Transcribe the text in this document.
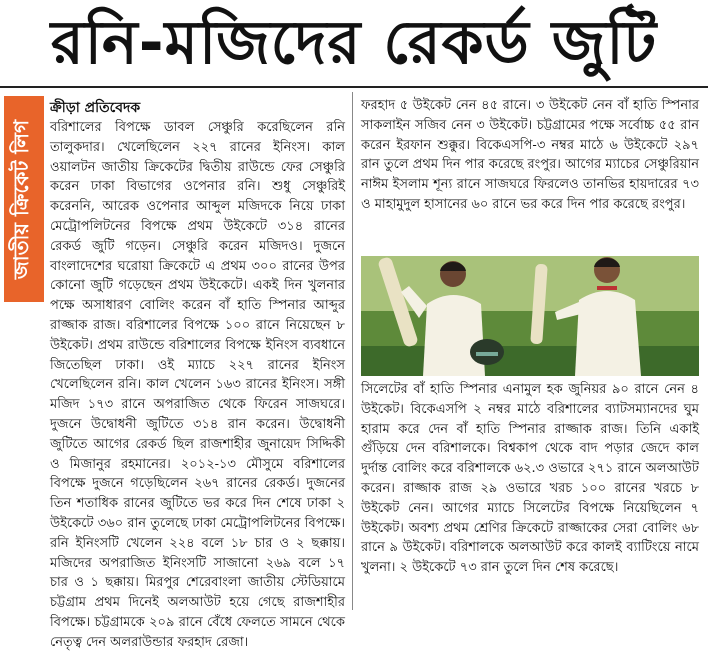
রনি-মজিদের রেকর্ড জুটি
জাতীয় ক্রিকেট লিগ
ক্রীড়া প্রতিবেদক

বরিশালের বিপক্ষে ডাবল সেঞ্চুরি করেছিলেন রনি তালুকদার। খেলেছিলেন ২২৭ রানের ইনিংস। কাল ওয়ালটন জাতীয় ক্রিকেটের দ্বিতীয় রাউন্ডে ফের সেঞ্চুরি করেন ঢাকা বিভাগের ওপেনার রনি। শুধু সেঞ্চুরিই করেননি, আরেক ওপেনার আব্দুল মজিদকে নিয়ে ঢাকা মেট্রোপলিটনের বিপক্ষে প্রথম উইকেটে ৩১৪ রানের রেকর্ড জুটি গড়েন। সেঞ্চুরি করেন মজিদও। দুজনে বাংলাদেশের ঘরোয়া ক্রিকেটে এ প্রথম ৩০০ রানের উপর কোনো জুটি গড়েছেন প্রথম উইকেটে। একই দিন খুলনার পক্ষে অসাধারণ বোলিং করেন বাঁ হাতি স্পিনার আব্দুর রাজ্জাক রাজ। বরিশালের বিপক্ষে ১০০ রানে নিয়েছেন ৮ উইকেট। প্রথম রাউন্ডে বরিশালের বিপক্ষে ইনিংস ব্যবধানে জিতেছিল ঢাকা। ওই ম্যাচে ২২৭ রানের ইনিংস খেলেছিলেন রনি। কাল খেলেন ১৬৩ রানের ইনিংস। সঙ্গী মজিদ ১৭৩ রানে অপরাজিত থেকে ফিরেন সাজঘরে। দুজনে উদ্বোধনী জুটিতে ৩১৪ রান করেন। উদ্বোধনী জুটিতে আগের রেকর্ড ছিল রাজশাহীর জুনায়েদ সিদ্দিকী ও মিজানুর রহমানের। ২০১২-১৩ মৌসুমে বরিশালের বিপক্ষে দুজনে গড়েছিলেন ২৬৭ রানের রেকর্ড। দুজনের তিন শতাধিক রানের জুটিতে ভর করে দিন শেষে ঢাকা ২ উইকেটে ৩৬০ রান তুলেছে ঢাকা মেট্রোপলিটনের বিপক্ষে। রনি ইনিংসটি খেলেন ২২৪ বলে ১৮ চার ও ২ ছক্কায়। মজিদের অপরাজিত ইনিংসটি সাজানো ২৬৯ বলে ১৭ চার ও ১ ছক্কায়। মিরপুর শেরেবাংলা জাতীয় স্টেডিয়ামে চট্টগ্রাম প্রথম দিনেই অলআউট হয়ে গেছে রাজশাহীর বিপক্ষে। চট্টগ্রামকে ২০৯ রানে বেঁধে ফেলতে সামনে থেকে নেতৃত্ব দেন অলরাউন্ডার ফরহাদ রেজা।

ফরহাদ ৫ উইকেট নেন ৪৫ রানে। ৩ উইকেট নেন বাঁ হাতি স্পিনার সাকলাইন সজিব নেন ৩ উইকেট। চট্টগ্রামের পক্ষে সর্বোচ্চ ৫৫ রান করেন ইরফান শুক্কুর। বিকেএসপি-৩ নম্বর মাঠে ৬ উইকেটে ২৯৭ রান তুলে প্রথম দিন পার করেছে রংপুর। আগের ম্যাচের সেঞ্চুরিয়ান নাঈম ইসলাম শূন্য রানে সাজঘরে ফিরলেও তানভির হায়দারের ৭৩ ও মাহামুদুল হাসানের ৬০ রানে ভর করে দিন পার করেছে রংপুর।

সিলেটের বাঁ হাতি স্পিনার এনামুল হক জুনিয়র ৯০ রানে নেন ৪ উইকেট। বিকেএসপি ২ নম্বর মাঠে বরিশালের ব্যাটসম্যানদের ঘুম হারাম করে দেন বাঁ হাতি স্পিনার রাজ্জাক রাজ। তিনি একাই গুঁড়িয়ে দেন বরিশালকে। বিশ্বকাপ থেকে বাদ পড়ার জেদে কাল দুর্দান্ত বোলিং করে বরিশালকে ৬২.৩ ওভারে ২৭১ রানে অলআউট করেন। রাজ্জাক রাজ ২৯ ওভারে খরচ ১০০ রানের খরচে ৮ উইকেট নেন। আগের ম্যাচে সিলেটের বিপক্ষে নিয়েছিলেন ৭ উইকেট। অবশ্য প্রথম শ্রেণির ক্রিকেটে রাজ্জাকের সেরা বোলিং ৬৮ রানে ৯ উইকেট। বরিশালকে অলআউট করে কালই ব্যাটিংয়ে নামে খুলনা। ২ উইকেটে ৭৩ রান তুলে দিন শেষ করেছে।
